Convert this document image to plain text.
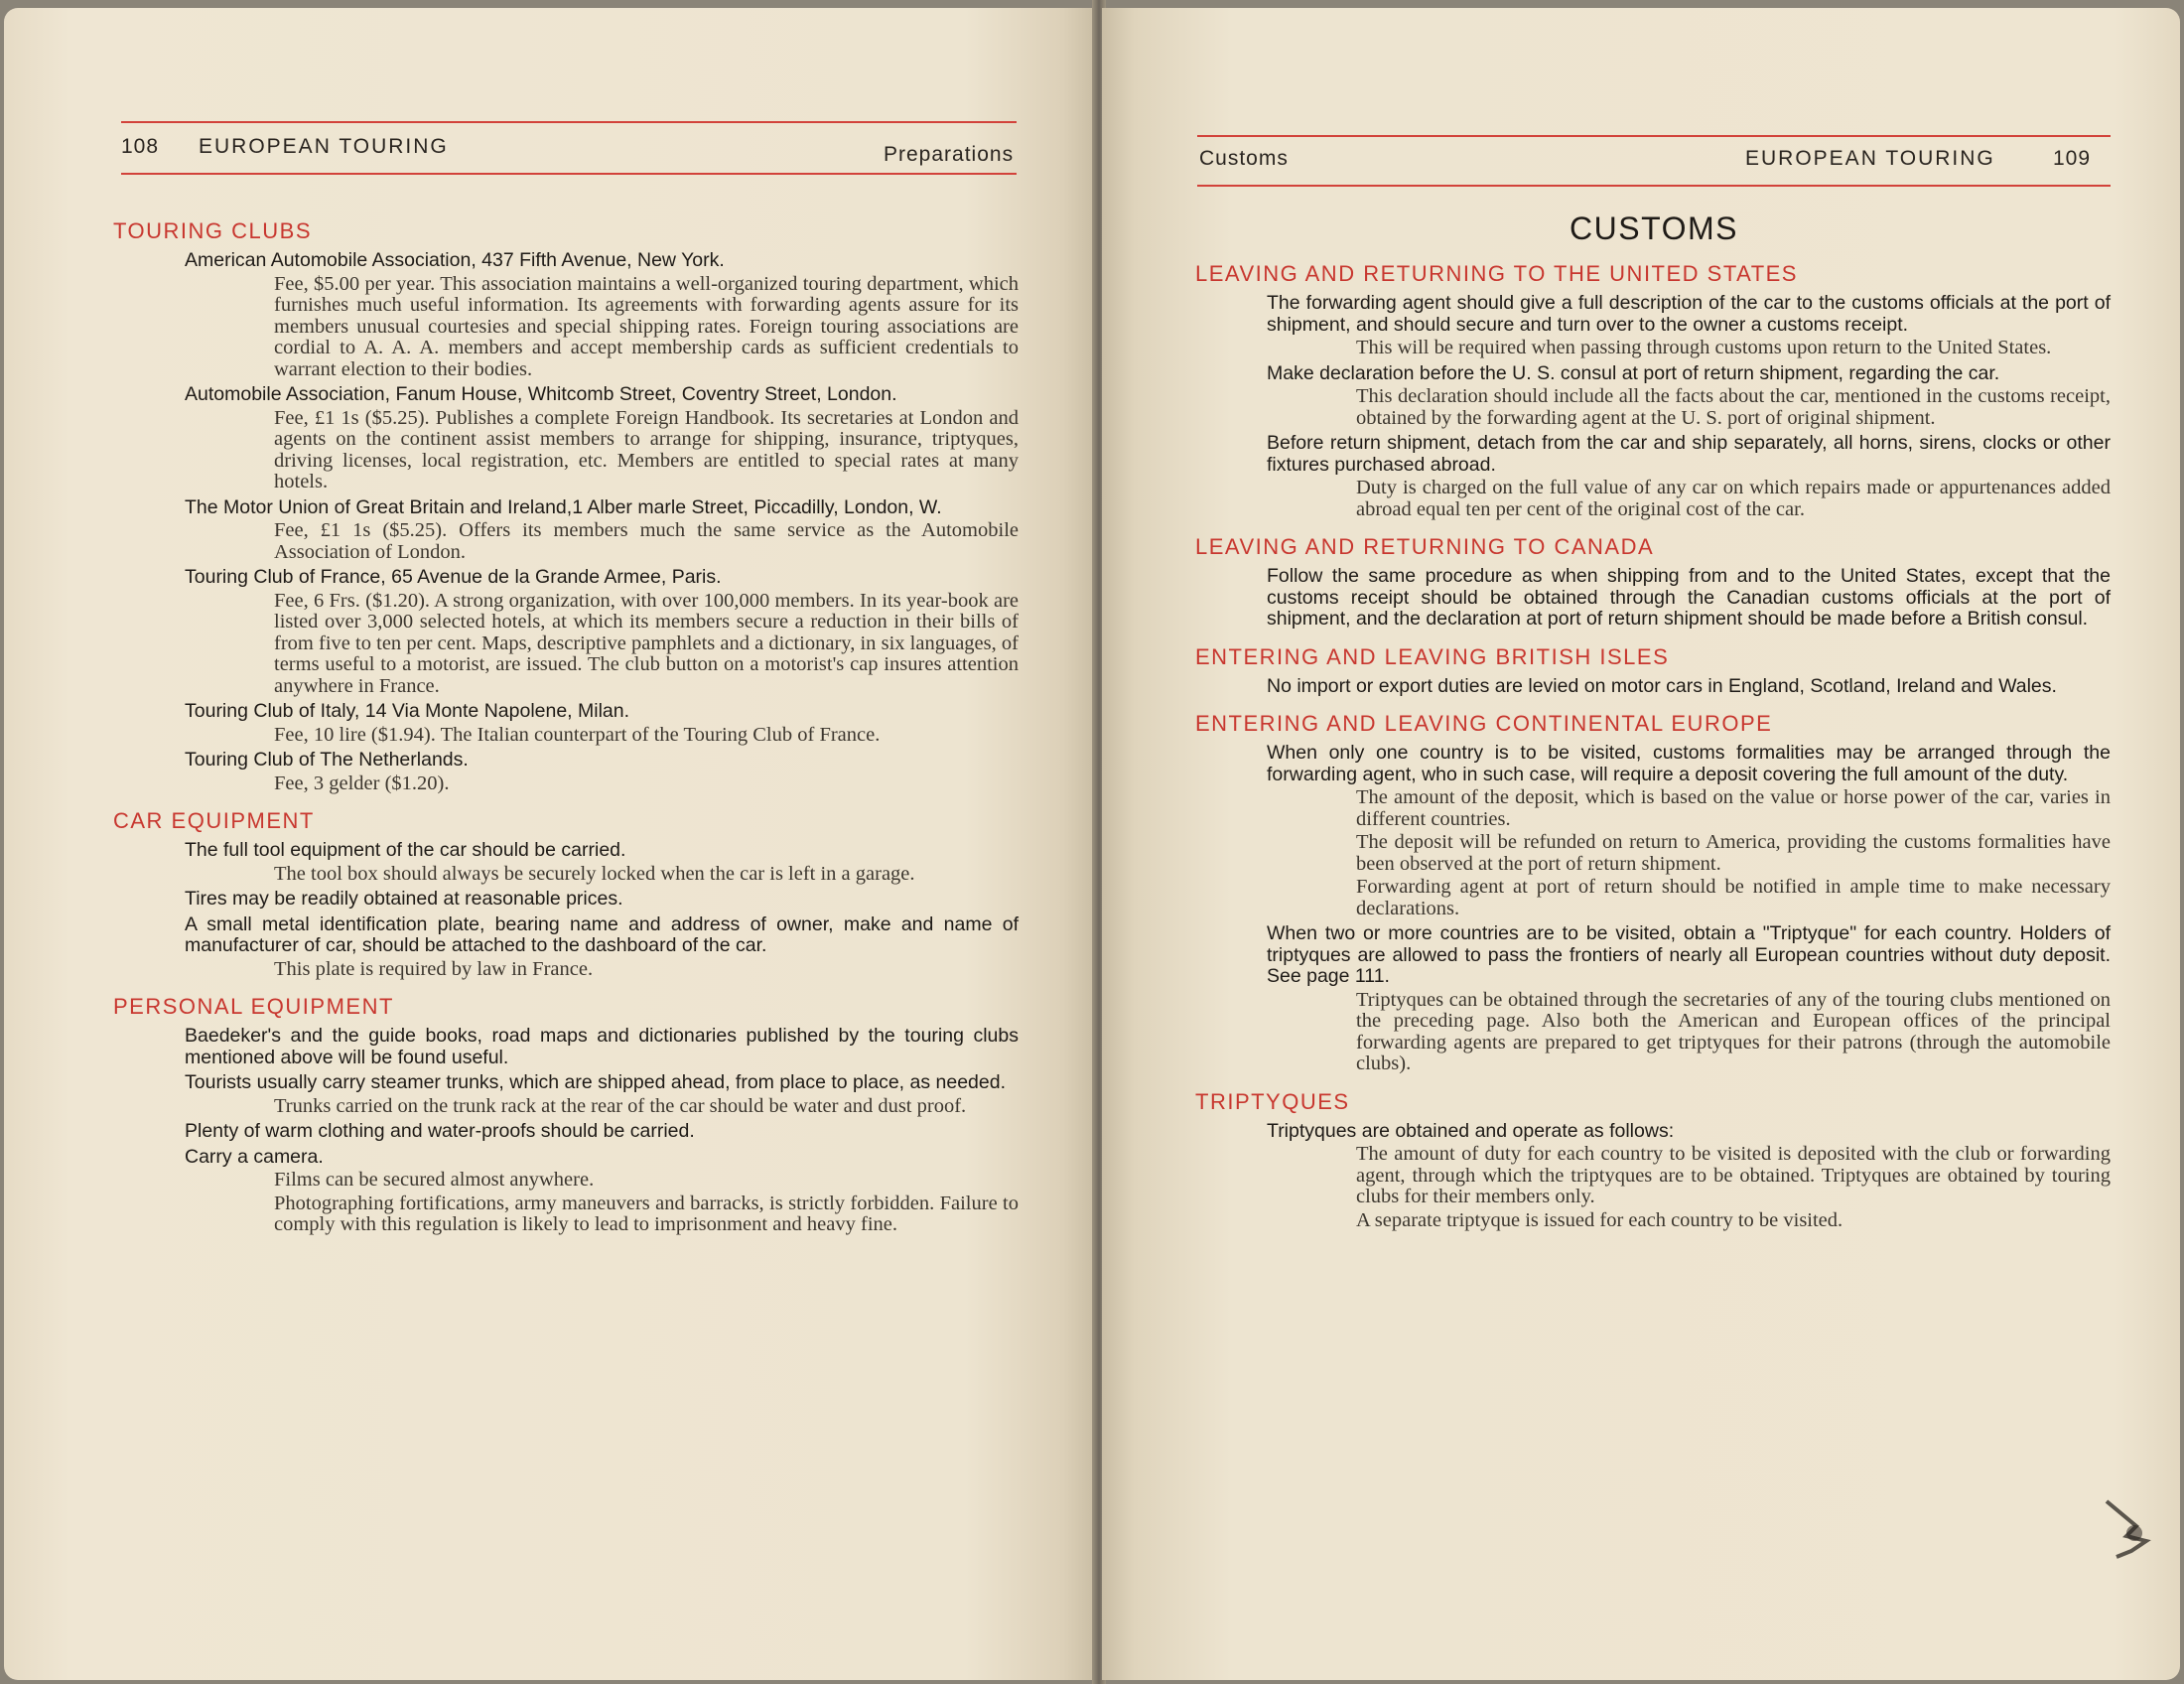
108 EUROPEAN TOURING	Preparations
TOURING CLUBS
American Automobile Association, 437 Fifth Avenue, New York.
Fee, $5.00 per year. This association maintains a well-organized touring department, which furnishes much useful information. Its agreements with forwarding agents assure for its members unusual courtesies and special shipping rates. Foreign touring associations are cordial to A. A. A. members and accept membership cards as sufficient credentials to warrant election to their bodies.
Automobile Association, Fanum House, Whitcomb Street, Coventry Street, London.
Fee, £1 1s ($5.25). Publishes a complete Foreign Handbook. Its secretaries at London and agents on the continent assist members to arrange for shipping, insurance, triptyques, driving licenses, local registration, etc. Members are entitled to special rates at many hotels.
The Motor Union of Great Britain and Ireland,1 Alber marle Street, Piccadilly, London, W.
Fee, £1 1s ($5.25). Offers its members much the same service as the Automobile Association of London.
Touring Club of France, 65 Avenue de la Grande Armee, Paris.
Fee, 6 Frs. ($1.20). A strong organization, with over 100,000 members. In its year-book are listed over 3,000 selected hotels, at which its members secure a reduction in their bills of from five to ten per cent. Maps, descriptive pamphlets and a dictionary, in six languages, of terms useful to a motorist, are issued. The club button on a motorist's cap insures attention anywhere in France.
Touring Club of Italy, 14 Via Monte Napolene, Milan.
Fee, 10 lire ($1.94). The Italian counterpart of the Touring Club of France.
Touring Club of The Netherlands.
Fee, 3 gelder ($1.20).
CAR EQUIPMENT
The full tool equipment of the car should be carried.
The tool box should always be securely locked when the car is left in a garage.
Tires may be readily obtained at reasonable prices.
A small metal identification plate, bearing name and address of owner, make and name of manufacturer of car, should be attached to the dashboard of the car.
This plate is required by law in France.
PERSONAL EQUIPMENT
Baedeker's and the guide books, road maps and dictionaries published by the touring clubs mentioned above will be found useful.
Tourists usually carry steamer trunks, which are shipped ahead, from place to place, as needed.
Trunks carried on the trunk rack at the rear of the car should be water and dust proof.
Plenty of warm clothing and water-proofs should be carried.
Carry a camera.
Films can be secured almost anywhere.
Photographing fortifications, army maneuvers and barracks, is strictly forbidden. Failure to comply with this regulation is likely to lead to imprisonment and heavy fine.
Customs	EUROPEAN TOURING	109
CUSTOMS
LEAVING AND RETURNING TO THE UNITED STATES
The forwarding agent should give a full description of the car to the customs officials at the port of shipment, and should secure and turn over to the owner a customs receipt.
This will be required when passing through customs upon return to the United States.
Make declaration before the U. S. consul at port of return shipment, regarding the car.
This declaration should include all the facts about the car, mentioned in the customs receipt, obtained by the forwarding agent at the U. S. port of original shipment.
Before return shipment, detach from the car and ship separately, all horns, sirens, clocks or other fixtures purchased abroad.
Duty is charged on the full value of any car on which repairs made or appurtenances added abroad equal ten per cent of the original cost of the car.
LEAVING AND RETURNING TO CANADA
Follow the same procedure as when shipping from and to the United States, except that the customs receipt should be obtained through the Canadian customs officials at the port of shipment, and the declaration at port of return shipment should be made before a British consul.
ENTERING AND LEAVING BRITISH ISLES
No import or export duties are levied on motor cars in England, Scotland, Ireland and Wales.
ENTERING AND LEAVING CONTINENTAL EUROPE
When only one country is to be visited, customs formalities may be arranged through the forwarding agent, who in such case, will require a deposit covering the full amount of the duty.
The amount of the deposit, which is based on the value or horse power of the car, varies in different countries.
The deposit will be refunded on return to America, providing the customs formalities have been observed at the port of return shipment.
Forwarding agent at port of return should be notified in ample time to make necessary declarations.
When two or more countries are to be visited, obtain a "Triptyque" for each country. Holders of triptyques are allowed to pass the frontiers of nearly all European countries without duty deposit. See page 111.
Triptyques can be obtained through the secretaries of any of the touring clubs mentioned on the preceding page. Also both the American and European offices of the principal forwarding agents are prepared to get triptyques for their patrons (through the automobile clubs).
TRIPTYQUES
Triptyques are obtained and operate as follows:
The amount of duty for each country to be visited is deposited with the club or forwarding agent, through which the triptyques are to be obtained. Triptyques are obtained by touring clubs for their members only.
A separate triptyque is issued for each country to be visited.
